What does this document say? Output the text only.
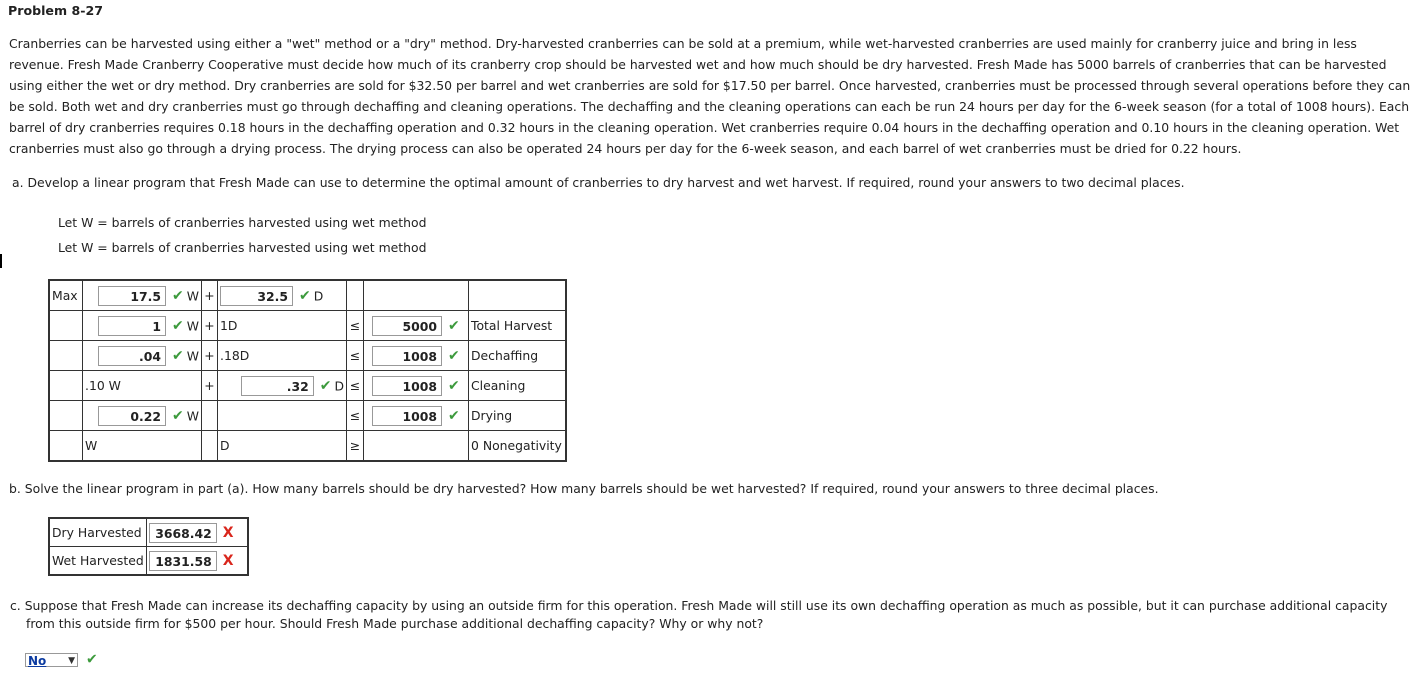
Problem 8-27

Cranberries can be harvested using either a "wet" method or a "dry" method. Dry-harvested cranberries can be sold at a premium, while wet-harvested cranberries are used mainly for cranberry juice and bring in less revenue. Fresh Made Cranberry Cooperative must decide how much of its cranberry crop should be harvested wet and how much should be dry harvested. Fresh Made has 5000 barrels of cranberries that can be harvested using either the wet or dry method. Dry cranberries are sold for $32.50 per barrel and wet cranberries are sold for $17.50 per barrel. Once harvested, cranberries must be processed through several operations before they can be sold. Both wet and dry cranberries must go through dechaffing and cleaning operations. The dechaffing and the cleaning operations can each be run 24 hours per day for the 6-week season (for a total of 1008 hours). Each barrel of dry cranberries requires 0.18 hours in the dechaffing operation and 0.32 hours in the cleaning operation. Wet cranberries require 0.04 hours in the dechaffing operation and 0.10 hours in the cleaning operation. Wet cranberries must also go through a drying process. The drying process can also be operated 24 hours per day for the 6-week season, and each barrel of wet cranberries must be dried for 0.22 hours.

a. Develop a linear program that Fresh Made can use to determine the optimal amount of cranberries to dry harvest and wet harvest. If required, round your answers to two decimal places.
Let W = barrels of cranberries harvested using wet method
Let W = barrels of cranberries harvested using wet method
Max	17.5 ✔ W	+	32.5 ✔ D			
	1 ✔ W	+	1D	≤	5000 ✔	Total Harvest
	.04 ✔ W	+	.18D	≤	1008 ✔	Dechaffing
	.10 W	+	.32 ✔ D	≤	1008 ✔	Cleaning
	0.22 ✔ W			≤	1008 ✔	Drying
	W		D	≥		0 Nonegativity
b. Solve the linear program in part (a). How many barrels should be dry harvested? How many barrels should be wet harvested? If required, round your answers to three decimal places.
Dry Harvested	3668.42 X
Wet Harvested	1831.58 X
c. Suppose that Fresh Made can increase its dechaffing capacity by using an outside firm for this operation. Fresh Made will still use its own dechaffing operation as much as possible, but it can purchase additional capacity from this outside firm for $500 per hour. Should Fresh Made purchase additional dechaffing capacity? Why or why not?
No ▼ ✔
